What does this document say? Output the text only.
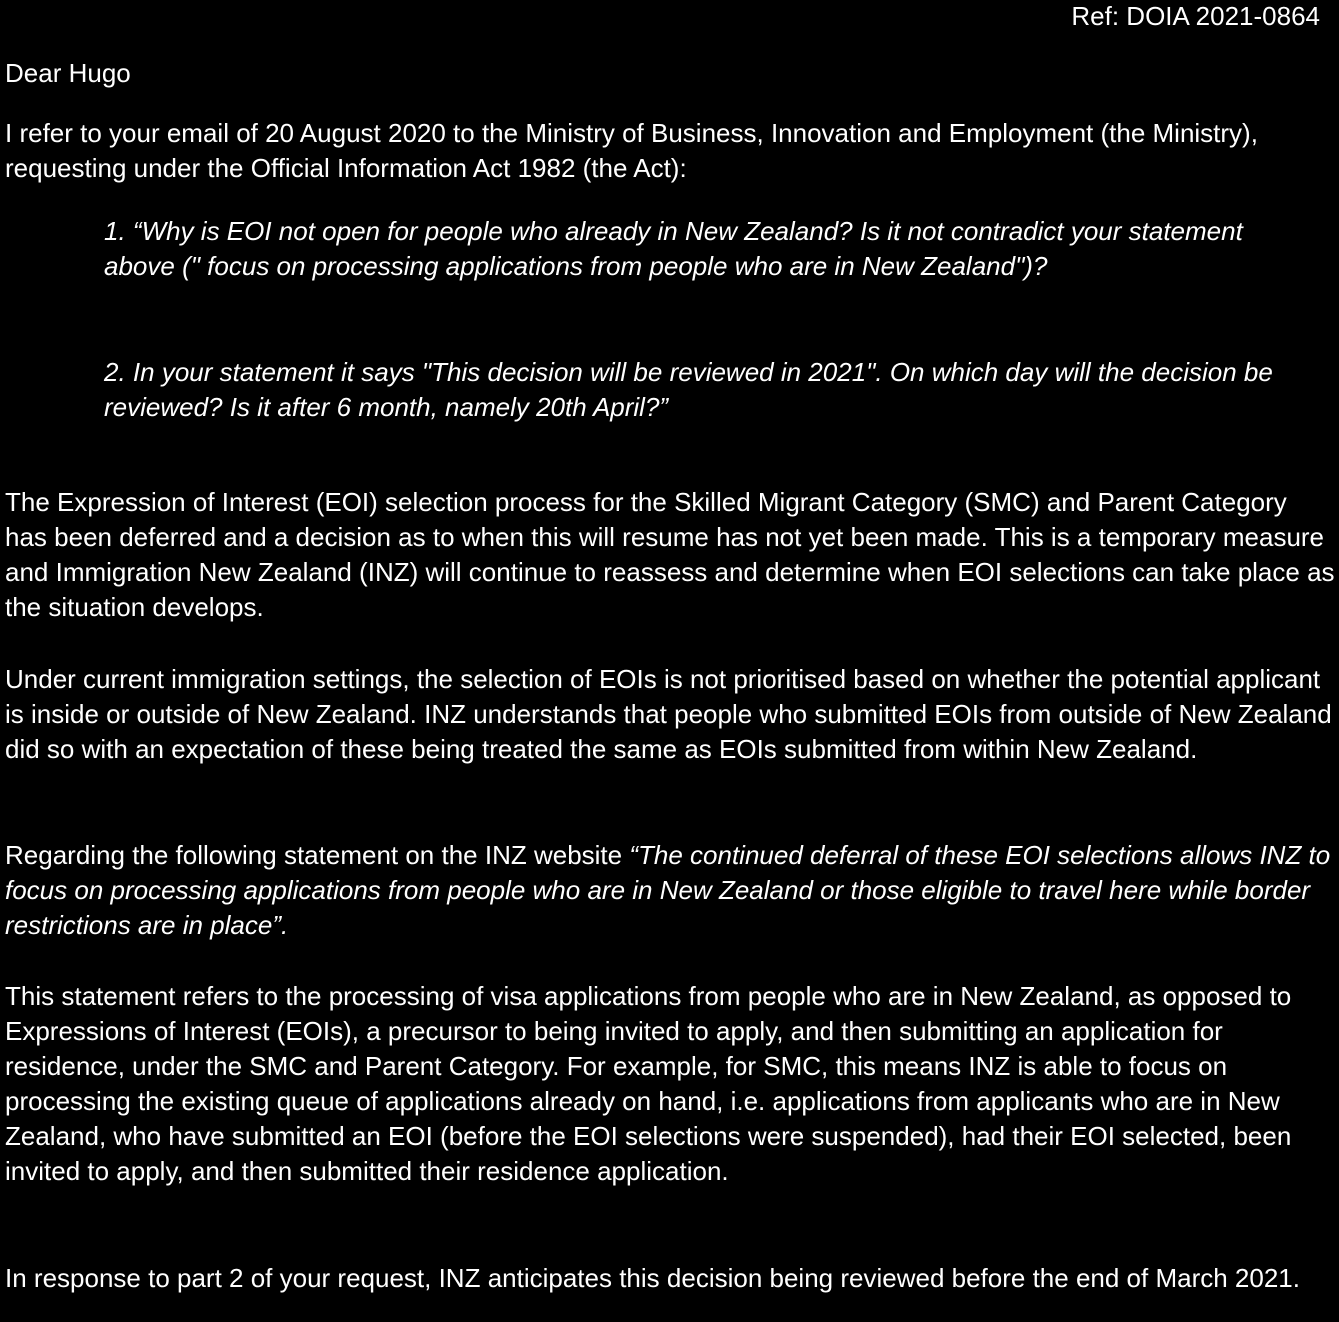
Ref: DOIA 2021-0864
Dear Hugo

I refer to your email of 20 August 2020 to the Ministry of Business, Innovation and Employment (the Ministry), requesting under the Official Information Act 1982 (the Act):

1. “Why is EOI not open for people who already in New Zealand? Is it not contradict your statement above (" focus on processing applications from people who are in New Zealand")?

2. In your statement it says "This decision will be reviewed in 2021". On which day will the decision be reviewed? Is it after 6 month, namely 20th April?”

The Expression of Interest (EOI) selection process for the Skilled Migrant Category (SMC) and Parent Category has been deferred and a decision as to when this will resume has not yet been made. This is a temporary measure and Immigration New Zealand (INZ) will continue to reassess and determine when EOI selections can take place as the situation develops.

Under current immigration settings, the selection of EOIs is not prioritised based on whether the potential applicant is inside or outside of New Zealand. INZ understands that people who submitted EOIs from outside of New Zealand did so with an expectation of these being treated the same as EOIs submitted from within New Zealand.

Regarding the following statement on the INZ website “The continued deferral of these EOI selections allows INZ to focus on processing applications from people who are in New Zealand or those eligible to travel here while border restrictions are in place”.

This statement refers to the processing of visa applications from people who are in New Zealand, as opposed to Expressions of Interest (EOIs), a precursor to being invited to apply, and then submitting an application for residence, under the SMC and Parent Category. For example, for SMC, this means INZ is able to focus on processing the existing queue of applications already on hand, i.e. applications from applicants who are in New Zealand, who have submitted an EOI (before the EOI selections were suspended), had their EOI selected, been invited to apply, and then submitted their residence application.

In response to part 2 of your request, INZ anticipates this decision being reviewed before the end of March 2021.
